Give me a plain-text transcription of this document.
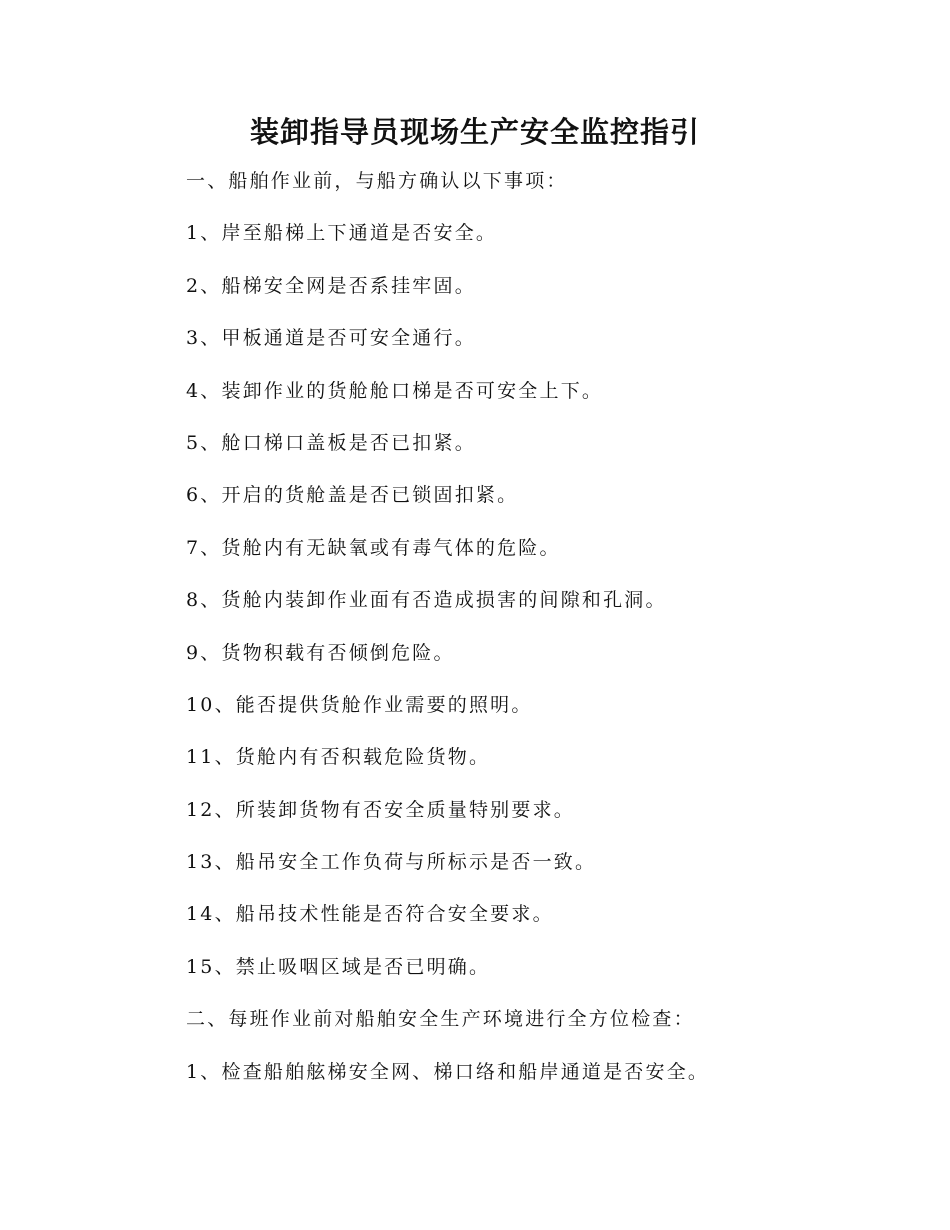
装卸指导员现场生产安全监控指引
一、船舶作业前，与船方确认以下事项：
1、岸至船梯上下通道是否安全。
2、船梯安全网是否系挂牢固。
3、甲板通道是否可安全通行。
4、装卸作业的货舱舱口梯是否可安全上下。
5、舱口梯口盖板是否已扣紧。
6、开启的货舱盖是否已锁固扣紧。
7、货舱内有无缺氧或有毒气体的危险。
8、货舱内装卸作业面有否造成损害的间隙和孔洞。
9、货物积载有否倾倒危险。
10、能否提供货舱作业需要的照明。
11、货舱内有否积载危险货物。
12、所装卸货物有否安全质量特别要求。
13、船吊安全工作负荷与所标示是否一致。
14、船吊技术性能是否符合安全要求。
15、禁止吸咽区域是否已明确。
二、每班作业前对船舶安全生产环境进行全方位检查：
1、检查船舶舷梯安全网、梯口络和船岸通道是否安全。
